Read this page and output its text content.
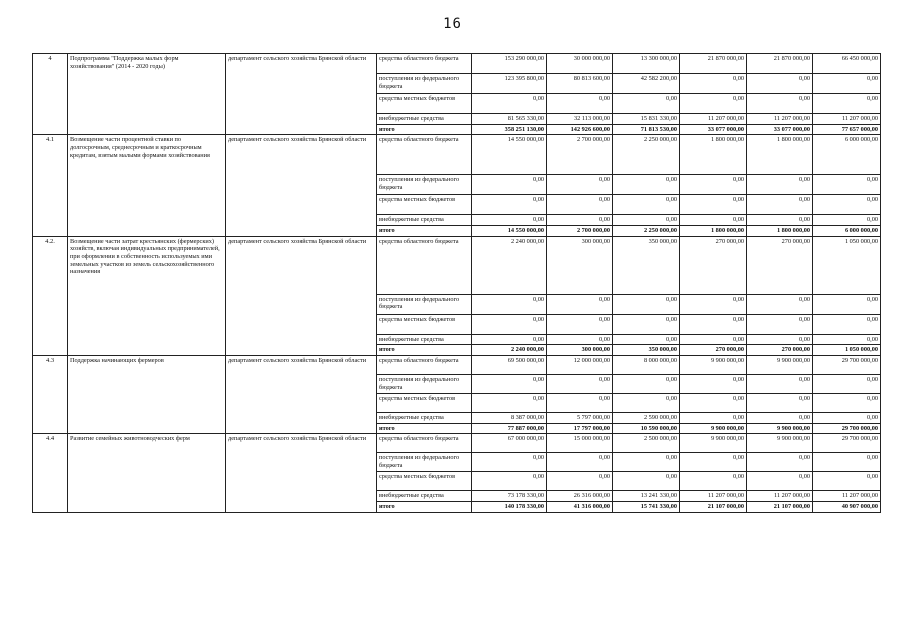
16
4	Подпрограмма "Поддержка малых форм хозяйствования" (2014 - 2020 годы)	департамент сельского хозяйства Брянской области	средства областного бюджета	153 290 000,00	30 000 000,00	13 300 000,00	21 870 000,00	21 870 000,00	66 450 000,00
			поступления из федерального бюджета	123 395 800,00	80 813 600,00	42 582 200,00	0,00	0,00	0,00
			средства местных бюджетов	0,00	0,00	0,00	0,00	0,00	0,00
			внебюджетные средства	81 565 330,00	32 113 000,00	15 831 330,00	11 207 000,00	11 207 000,00	11 207 000,00
			итого	358 251 130,00	142 926 600,00	71 813 530,00	33 077 000,00	33 077 000,00	77 657 000,00
4.1	Возмещение части процентной ставки по долгосрочным, среднесрочным и краткосрочным кредитам, взятым малыми формами хозяйствования	департамент сельского хозяйства Брянской области	средства областного бюджета	14 550 000,00	2 700 000,00	2 250 000,00	1 800 000,00	1 800 000,00	6 000 000,00
			поступления из федерального бюджета	0,00	0,00	0,00	0,00	0,00	0,00
			средства местных бюджетов	0,00	0,00	0,00	0,00	0,00	0,00
			внебюджетные средства	0,00	0,00	0,00	0,00	0,00	0,00
			итого	14 550 000,00	2 700 000,00	2 250 000,00	1 800 000,00	1 800 000,00	6 000 000,00
4.2.	Возмещение части затрат крестьянских (фермерских) хозяйств, включая индивидуальных предпринимателей, при оформлении в собственность используемых ими земельных участков из земель сельскохозяйственного назначения	департамент сельского хозяйства Брянской области	средства областного бюджета	2 240 000,00	300 000,00	350 000,00	270 000,00	270 000,00	1 050 000,00
			поступления из федерального бюджета	0,00	0,00	0,00	0,00	0,00	0,00
			средства местных бюджетов	0,00	0,00	0,00	0,00	0,00	0,00
			внебюджетные средства	0,00	0,00	0,00	0,00	0,00	0,00
			итого	2 240 000,00	300 000,00	350 000,00	270 000,00	270 000,00	1 050 000,00
4.3	Поддержка начинающих фермеров	департамент сельского хозяйства Брянской области	средства областного бюджета	69 500 000,00	12 000 000,00	8 000 000,00	9 900 000,00	9 900 000,00	29 700 000,00
			поступления из федерального бюджета	0,00	0,00	0,00	0,00	0,00	0,00
			средства местных бюджетов	0,00	0,00	0,00	0,00	0,00	0,00
			внебюджетные средства	8 387 000,00	5 797 000,00	2 590 000,00	0,00	0,00	0,00
			итого	77 887 000,00	17 797 000,00	10 590 000,00	9 900 000,00	9 900 000,00	29 700 000,00
4.4	Развитие семейных животноводческих ферм	департамент сельского хозяйства Брянской области	средства областного бюджета	67 000 000,00	15 000 000,00	2 500 000,00	9 900 000,00	9 900 000,00	29 700 000,00
			поступления из федерального бюджета	0,00	0,00	0,00	0,00	0,00	0,00
			средства местных бюджетов	0,00	0,00	0,00	0,00	0,00	0,00
			внебюджетные средства	73 178 330,00	26 316 000,00	13 241 330,00	11 207 000,00	11 207 000,00	11 207 000,00
			итого	140 178 330,00	41 316 000,00	15 741 330,00	21 107 000,00	21 107 000,00	40 907 000,00
